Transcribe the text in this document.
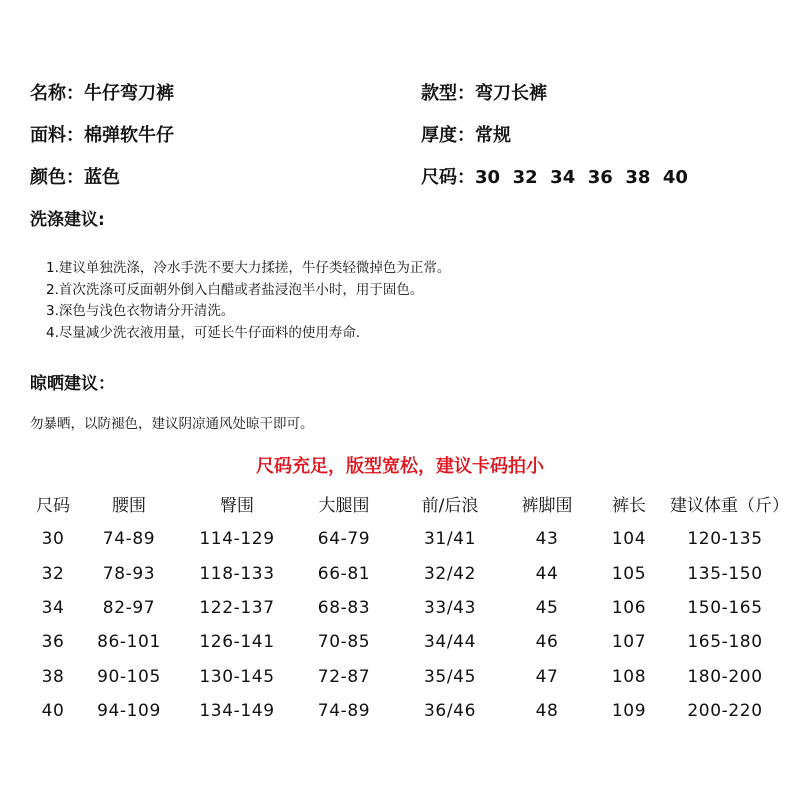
名称：牛仔弯刀裤	款型：弯刀长裤
面料：棉弹软牛仔	厚度：常规
颜色：蓝色	尺码：30  32  34  36  38  40
洗涤建议:
1.建议单独洗涤，冷水手洗不要大力揉搓，牛仔类轻微掉色为正常。
2.首次洗涤可反面朝外倒入白醋或者盐浸泡半小时，用于固色。
3.深色与浅色衣物请分开清洗。
4.尽量减少洗衣液用量，可延长牛仔面料的使用寿命.
晾晒建议：
勿暴晒，以防褪色，建议阴凉通风处晾干即可。
尺码充足，版型宽松，建议卡码拍小
尺码	腰围	臀围	大腿围	前/后浪	裤脚围	裤长	建议体重（斤）
30	74-89	114-129	64-79	31/41	43	104	120-135
32	78-93	118-133	66-81	32/42	44	105	135-150
34	82-97	122-137	68-83	33/43	45	106	150-165
36	86-101	126-141	70-85	34/44	46	107	165-180
38	90-105	130-145	72-87	35/45	47	108	180-200
40	94-109	134-149	74-89	36/46	48	109	200-220
